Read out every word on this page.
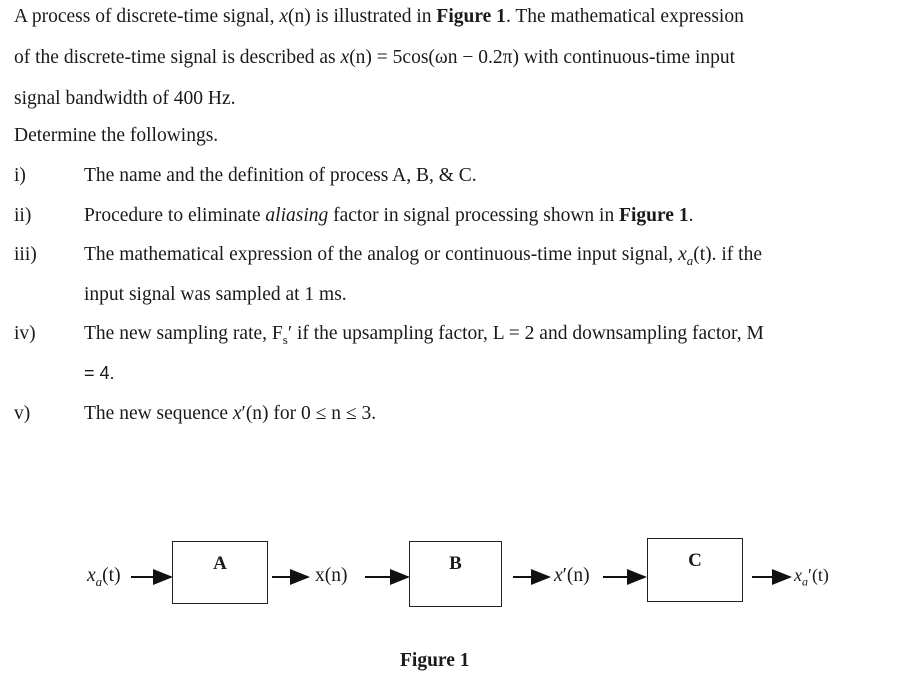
A process of discrete-time signal, x(n) is illustrated in Figure 1. The mathematical expression
of the discrete-time signal is described as x(n) = 5cos(ωn − 0.2π) with continuous-time input
signal bandwidth of 400 Hz.
Determine the followings.
i)	The name and the definition of process A, B, & C.
ii)	Procedure to eliminate aliasing factor in signal processing shown in Figure 1.
iii) The mathematical expression of the analog or continuous-time input signal, $x_a(t)$. if the
input signal was sampled at 1 ms.
iv) The new sampling rate, $F_s'$ if the upsampling factor, L = 2 and downsampling factor, M
= 4.
v)	The new sequence x′(n) for 0 ≤ n ≤ 3.
$x_a(t)$
A
x(n)
B
x′(n)
C
$x_a'(t)$
Figure 1
